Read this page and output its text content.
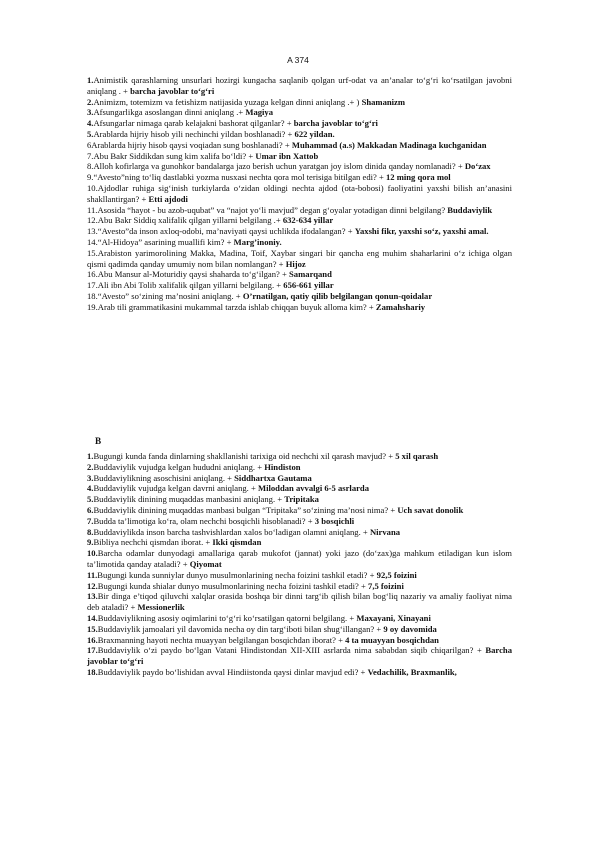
A 374

1.Animistik qarashlarning unsurlari hozirgi kungacha saqlanib qolgan urf-odat va an’analar to‘g‘ri ko‘rsatilgan javobni aniqlang . + barcha javoblar to‘g‘ri

2.Animizm, totemizm va fetishizm natijasida yuzaga kelgan dinni aniqlang .+ ) Shamanizm

3.Afsungarlikga asoslangan dinni aniqlang .+ Magiya

4.Afsungarlar nimaga qarab kelajakni bashorat qilganlar? + barcha javoblar to‘g‘ri

5.Arablarda hijriy hisob yili nechinchi yildan boshlanadi? + 622 yildan.

6Arablarda hijriy hisob qaysi voqiadan sung boshlanadi? + Muhammad (a.s) Makkadan Madinaga kuchganidan

7.Abu Bakr Siddikdan sung kim xalifa bo‘ldi? + Umar ibn Xattob

8.Alloh kofirlarga va gunohkor bandalarga jazo berish uchun yaratgan joy islom dinida qanday nomlanadi? + Do‘zax

9.“Avesto”ning to‘liq dastlabki yozma nusxasi nechta qora mol terisiga bitilgan edi? + 12 ming qora mol

10.Ajdodlar ruhiga sig‘inish turkiylarda o‘zidan oldingi nechta ajdod (ota-bobosi) faoliyatini yaxshi bilish an’anasini shakllantirgan? + Etti ajdodi

11.Asosida “hayot - bu azob-uqubat” va “najot yo‘li mavjud” degan g‘oyalar yotadigan dinni belgilang? Buddaviylik

12.Abu Bakr Siddiq xalifalik qilgan yillarni belgilang .+ 632-634 yillar

13.“Avesto”da inson axloq-odobi, ma’naviyati qaysi uchlikda ifodalangan? + Yaxshi fikr, yaxshi so‘z, yaxshi amal.

14.“Al-Hidoya” asarining muallifi kim? + Marg’inoniy.

15.Arabiston yarimorolining Makka, Madina, Toif, Xaybar singari bir qancha eng muhim shaharlarini o‘z ichiga olgan qismi qadimda qanday umumiy nom bilan nomlangan? + Hijoz

16.Abu Mansur al-Moturidiy qaysi shaharda to‘g‘ilgan? + Samarqand

17.Ali ibn Abi Tolib xalifalik qilgan yillarni belgilang. + 656-661 yillar

18.“Avesto” so‘zining ma’nosini aniqlang. + O’rnatilgan, qatiy qilib belgilangan qonun-qoidalar

19.Arab tili grammatikasini mukammal tarzda ishlab chiqqan buyuk alloma kim? + Zamahshariy

B

1.Bugungi kunda fanda dinlarning shakllanishi tarixiga oid nechchi xil qarash mavjud? + 5 xil qarash

2.Buddaviylik vujudga kelgan hududni aniqlang. + Hindiston

3.Buddaviylikning asoschisini aniqlang. + Siddhartxa Gautama

4.Buddaviylik vujudga kelgan davrni aniqlang. + Miloddan avvalgi 6-5 asrlarda

5.Buddaviylik dinining muqaddas manbasini aniqlang. + Tripitaka

6.Buddaviylik dinining muqaddas manbasi bulgan “Tripitaka” so‘zining ma’nosi nima? + Uch savat donolik

7.Budda ta’limotiga ko‘ra, olam nechchi bosqichli hisoblanadi? + 3 bosqichli

8.Buddaviylikda inson barcha tashvishlardan xalos bo‘ladigan olamni aniqlang. + Nirvana

9.Bibliya nechchi qismdan iborat. + Ikki qismdan

10.Barcha odamlar dunyodagi amallariga qarab mukofot (jannat) yoki jazo (do‘zax)ga mahkum etiladigan kun islom ta’limotida qanday ataladi? + Qiyomat

11.Bugungi kunda sunniylar dunyo musulmonlarining necha foizini tashkil etadi? + 92,5 foizini

12.Bugungi kunda shialar dunyo musulmonlarining necha foizini tashkil etadi? + 7,5 foizini

13.Bir dinga e’tiqod qiluvchi xalqlar orasida boshqa bir dinni targ‘ib qilish bilan bog‘liq nazariy va amaliy faoliyat nima deb ataladi? + Messionerlik

14.Buddaviylikning asosiy oqimlarini to‘g‘ri ko‘rsatilgan qatorni belgilang. + Maxayani, Xinayani

15.Buddaviylik jamoalari yil davomida necha oy din targ‘iboti bilan shug‘illangan? + 9 oy davomida

16.Braxmanning hayoti nechta muayyan belgilangan bosqichdan iborat? + 4 ta muayyan bosqichdan

17.Buddaviylik o‘zi paydo bo‘lgan Vatani Hindistondan XII-XIII asrlarda nima sababdan siqib chiqarilgan? + Barcha javoblar to‘g‘ri

18.Buddaviylik paydo bo‘lishidan avval Hindiistonda qaysi dinlar mavjud edi? + Vedachilik, Braxmanlik,
